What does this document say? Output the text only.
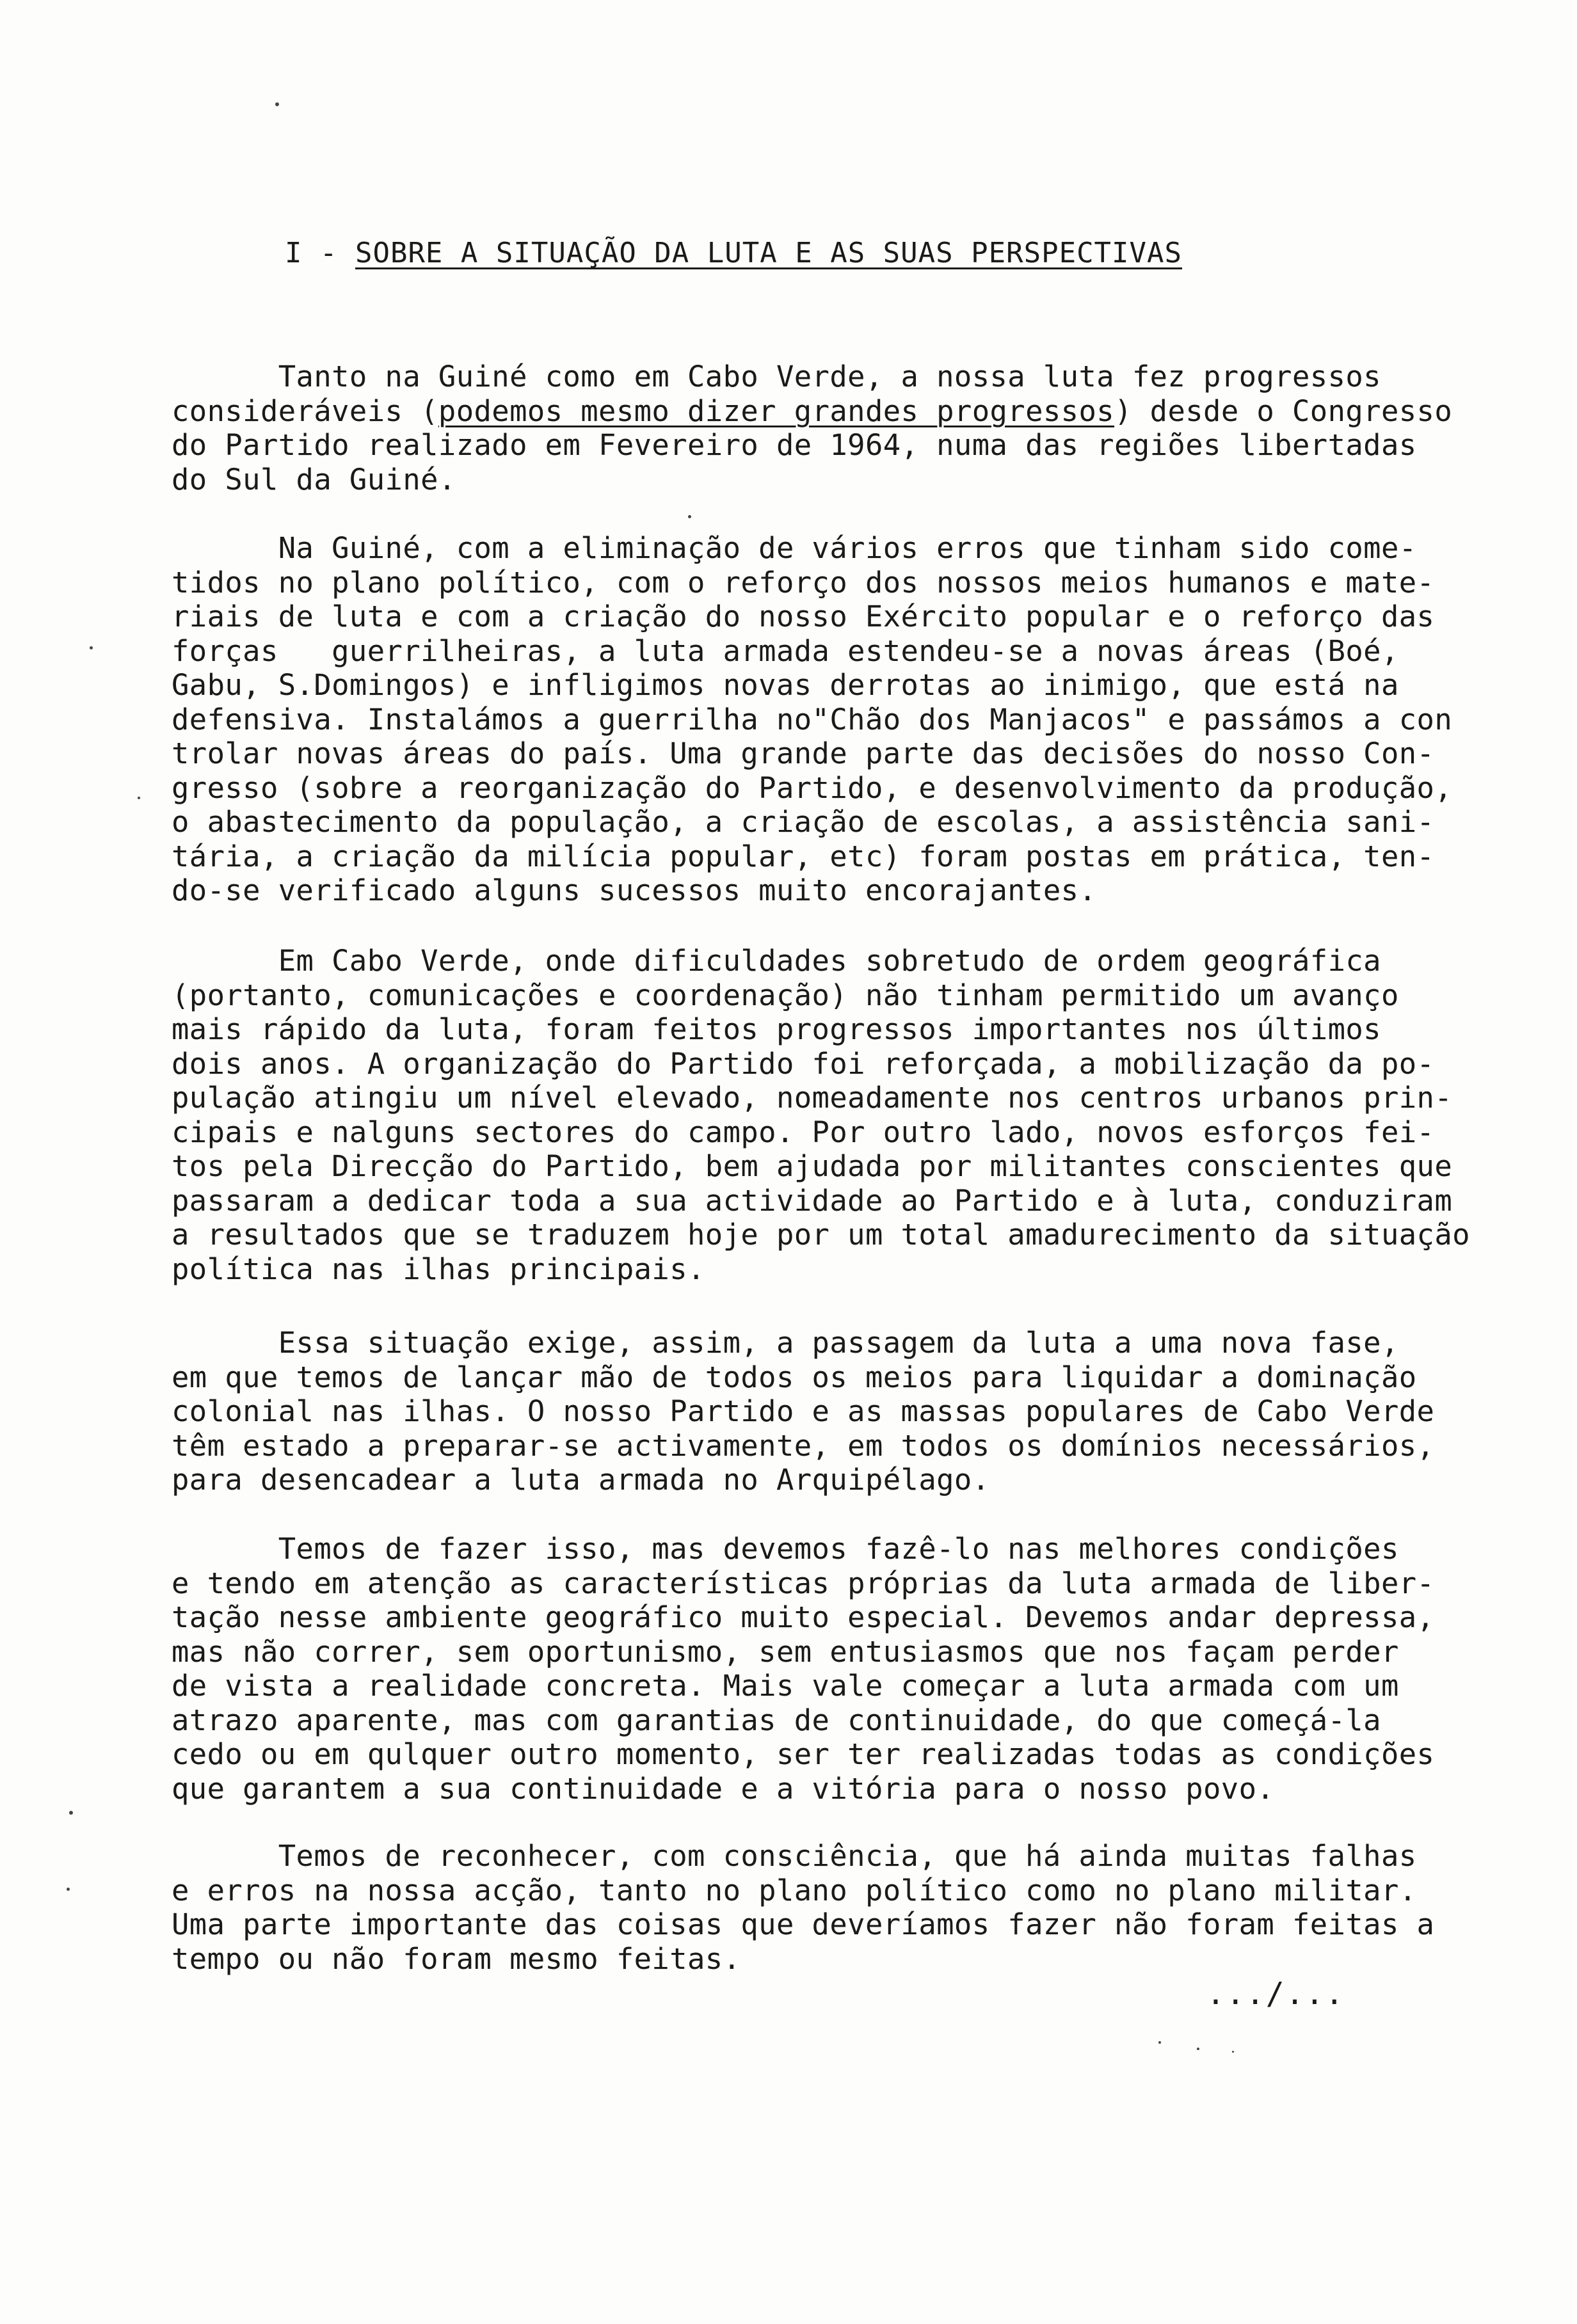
I - SOBRE A SITUAÇÃO DA LUTA E AS SUAS PERSPECTIVAS
Tanto na Guiné como em Cabo Verde, a nossa luta fez progressos
consideráveis (podemos mesmo dizer grandes progressos) desde o Congresso
do Partido realizado em Fevereiro de 1964, numa das regiões libertadas
do Sul da Guiné.
Na Guiné, com a eliminação de vários erros que tinham sido come-
tidos no plano político, com o reforço dos nossos meios humanos e mate-
riais de luta e com a criação do nosso Exército popular e o reforço das
forças   guerrilheiras, a luta armada estendeu-se a novas áreas (Boé,
Gabu, S.Domingos) e infligimos novas derrotas ao inimigo, que está na
defensiva. Instalámos a guerrilha no"Chão dos Manjacos" e passámos a con
trolar novas áreas do país. Uma grande parte das decisões do nosso Con-
gresso (sobre a reorganização do Partido, e desenvolvimento da produção,
o abastecimento da população, a criação de escolas, a assistência sani-
tária, a criação da milícia popular, etc) foram postas em prática, ten-
do-se verificado alguns sucessos muito encorajantes.
Em Cabo Verde, onde dificuldades sobretudo de ordem geográfica
(portanto, comunicações e coordenação) não tinham permitido um avanço
mais rápido da luta, foram feitos progressos importantes nos últimos
dois anos. A organização do Partido foi reforçada, a mobilização da po-
pulação atingiu um nível elevado, nomeadamente nos centros urbanos prin-
cipais e nalguns sectores do campo. Por outro lado, novos esforços fei-
tos pela Direcção do Partido, bem ajudada por militantes conscientes que
passaram a dedicar toda a sua actividade ao Partido e à luta, conduziram
a resultados que se traduzem hoje por um total amadurecimento da situação
política nas ilhas principais.
Essa situação exige, assim, a passagem da luta a uma nova fase,
em que temos de lançar mão de todos os meios para liquidar a dominação
colonial nas ilhas. O nosso Partido e as massas populares de Cabo Verde
têm estado a preparar-se activamente, em todos os domínios necessários,
para desencadear a luta armada no Arquipélago.
Temos de fazer isso, mas devemos fazê-lo nas melhores condições
e tendo em atenção as características próprias da luta armada de liber-
tação nesse ambiente geográfico muito especial. Devemos andar depressa,
mas não correr, sem oportunismo, sem entusiasmos que nos façam perder
de vista a realidade concreta. Mais vale começar a luta armada com um
atrazo aparente, mas com garantias de continuidade, do que começá-la
cedo ou em qulquer outro momento, ser ter realizadas todas as condições
que garantem a sua continuidade e a vitória para o nosso povo.
Temos de reconhecer, com consciência, que há ainda muitas falhas
e erros na nossa acção, tanto no plano político como no plano militar.
Uma parte importante das coisas que deveríamos fazer não foram feitas a
tempo ou não foram mesmo feitas.
.../...
